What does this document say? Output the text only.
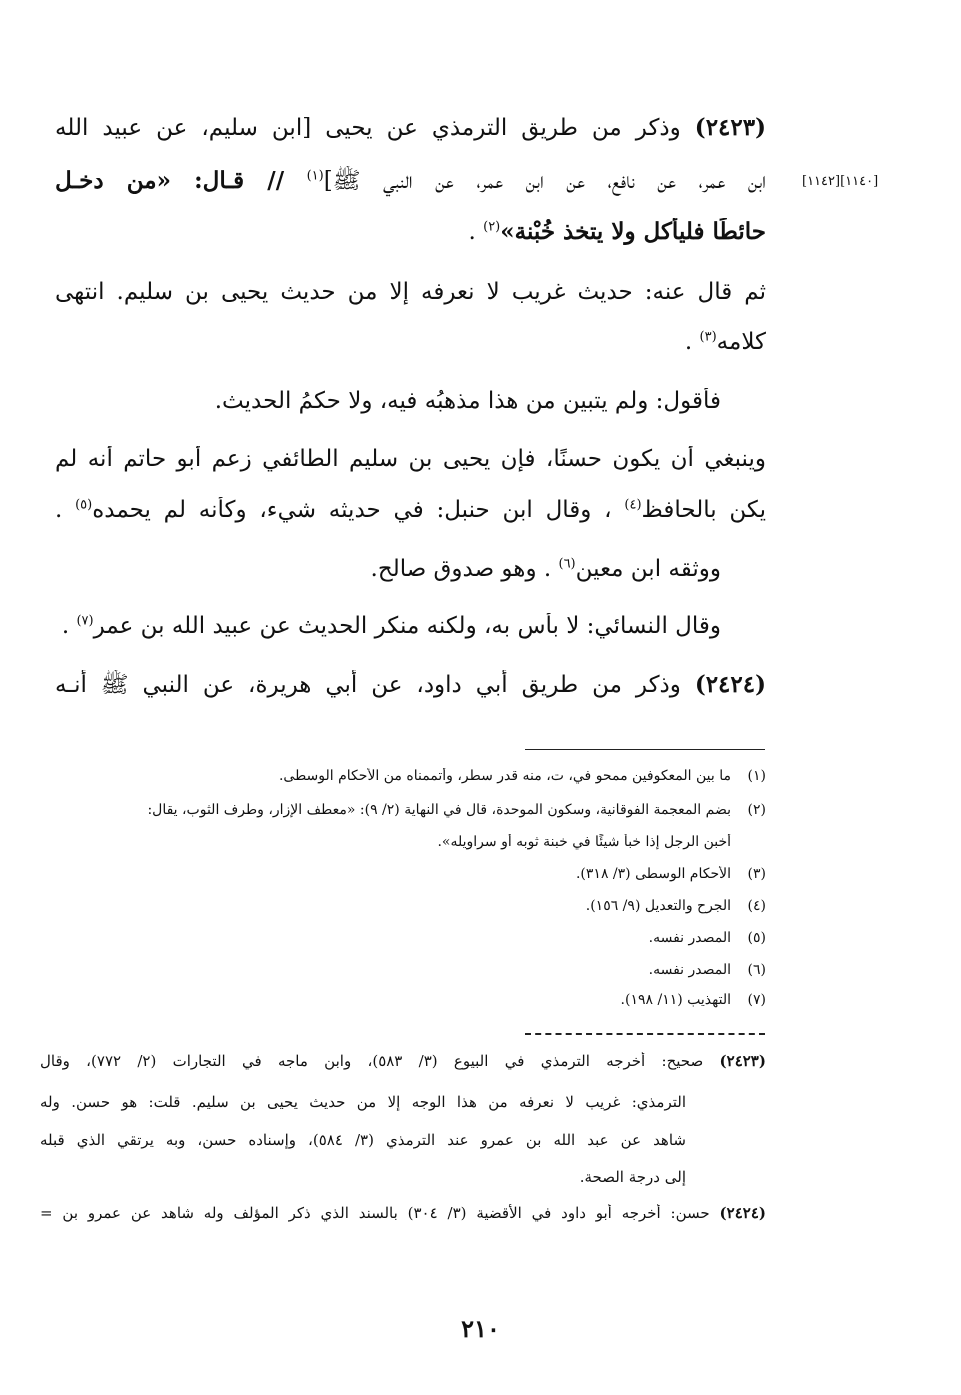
[١١٤٢][١١٤٠]
(٢٤٢٣) وذكر من طريق الترمذي عن يحيى [ابن سليم، عن عبيد الله
ابن عمر، عن نافع، عن ابن عمر، عن النبي ﷺ]$^{(١)}$ // قـال: «من دخـل
حائطًا فليأكل ولا يتخذ خُبْنة»$^{(٢)}$ .
ثم قال عنه: حديث غريب لا نعرفه إلا من حديث يحيى بن سليم. انتهى
كلامه$^{(٣)}$ .
فأقول: ولم يتبين من هذا مذهبُه فيه، ولا حكمُ الحديث.
وينبغي أن يكون حسنًا، فإن يحيى بن سليم الطائفي زعم أبو حاتم أنه لم
يكن بالحافظ$^{(٤)}$ ، وقال ابن حنبل: في حديثه شيء، وكأنه لم يحمده$^{(٥)}$ .
ووثقه ابن معين$^{(٦)}$ . وهو صدوق صالح.
وقال النسائي: لا بأس به، ولكنه منكر الحديث عن عبيد الله بن عمر$^{(٧)}$ .
(٢٤٢٤) وذكر من طريق أبي داود، عن أبي هريرة، عن النبي ﷺ أنـه
(١)ما بين المعكوفين ممحو في، ت، منه قدر سطر، وأتممناه من الأحكام الوسطى.
(٢)بضم المعجمة الفوقانية، وسكون الموحدة، قال في النهاية (٢/ ٩): «معطف الإزار، وطرف الثوب، يقال:
أخبن الرجل إذا خبأ شيئًا في خبنة ثوبه أو سراويله».
(٣)الأحكام الوسطى (٣/ ٣١٨).
(٤)الجرح والتعديل (٩/ ١٥٦).
(٥)المصدر نفسه.
(٦)المصدر نفسه.
(٧)التهذيب (١١/ ١٩٨).
(٢٤٢٣) صحيح: أخرجه الترمذي في البيوع (٣/ ٥٨٣)، وابن ماجه في التجارات (٢/ ٧٧٢)، وقال
الترمذي: غريب لا نعرفه من هذا الوجه إلا من حديث يحيى بن سليم. قلت: هو حسن. وله
شاهد عن عبد الله بن عمرو عند الترمذي (٣/ ٥٨٤)، وإسناده حسن، وبه يرتقي الذي قبله
إلى درجة الصحة.
(٢٤٢٤) حسن: أخرجه أبو داود في الأقضية (٣/ ٣٠٤) بالسند الذي ذكر المؤلف وله شاهد عن عمرو بن =
٢١٠
